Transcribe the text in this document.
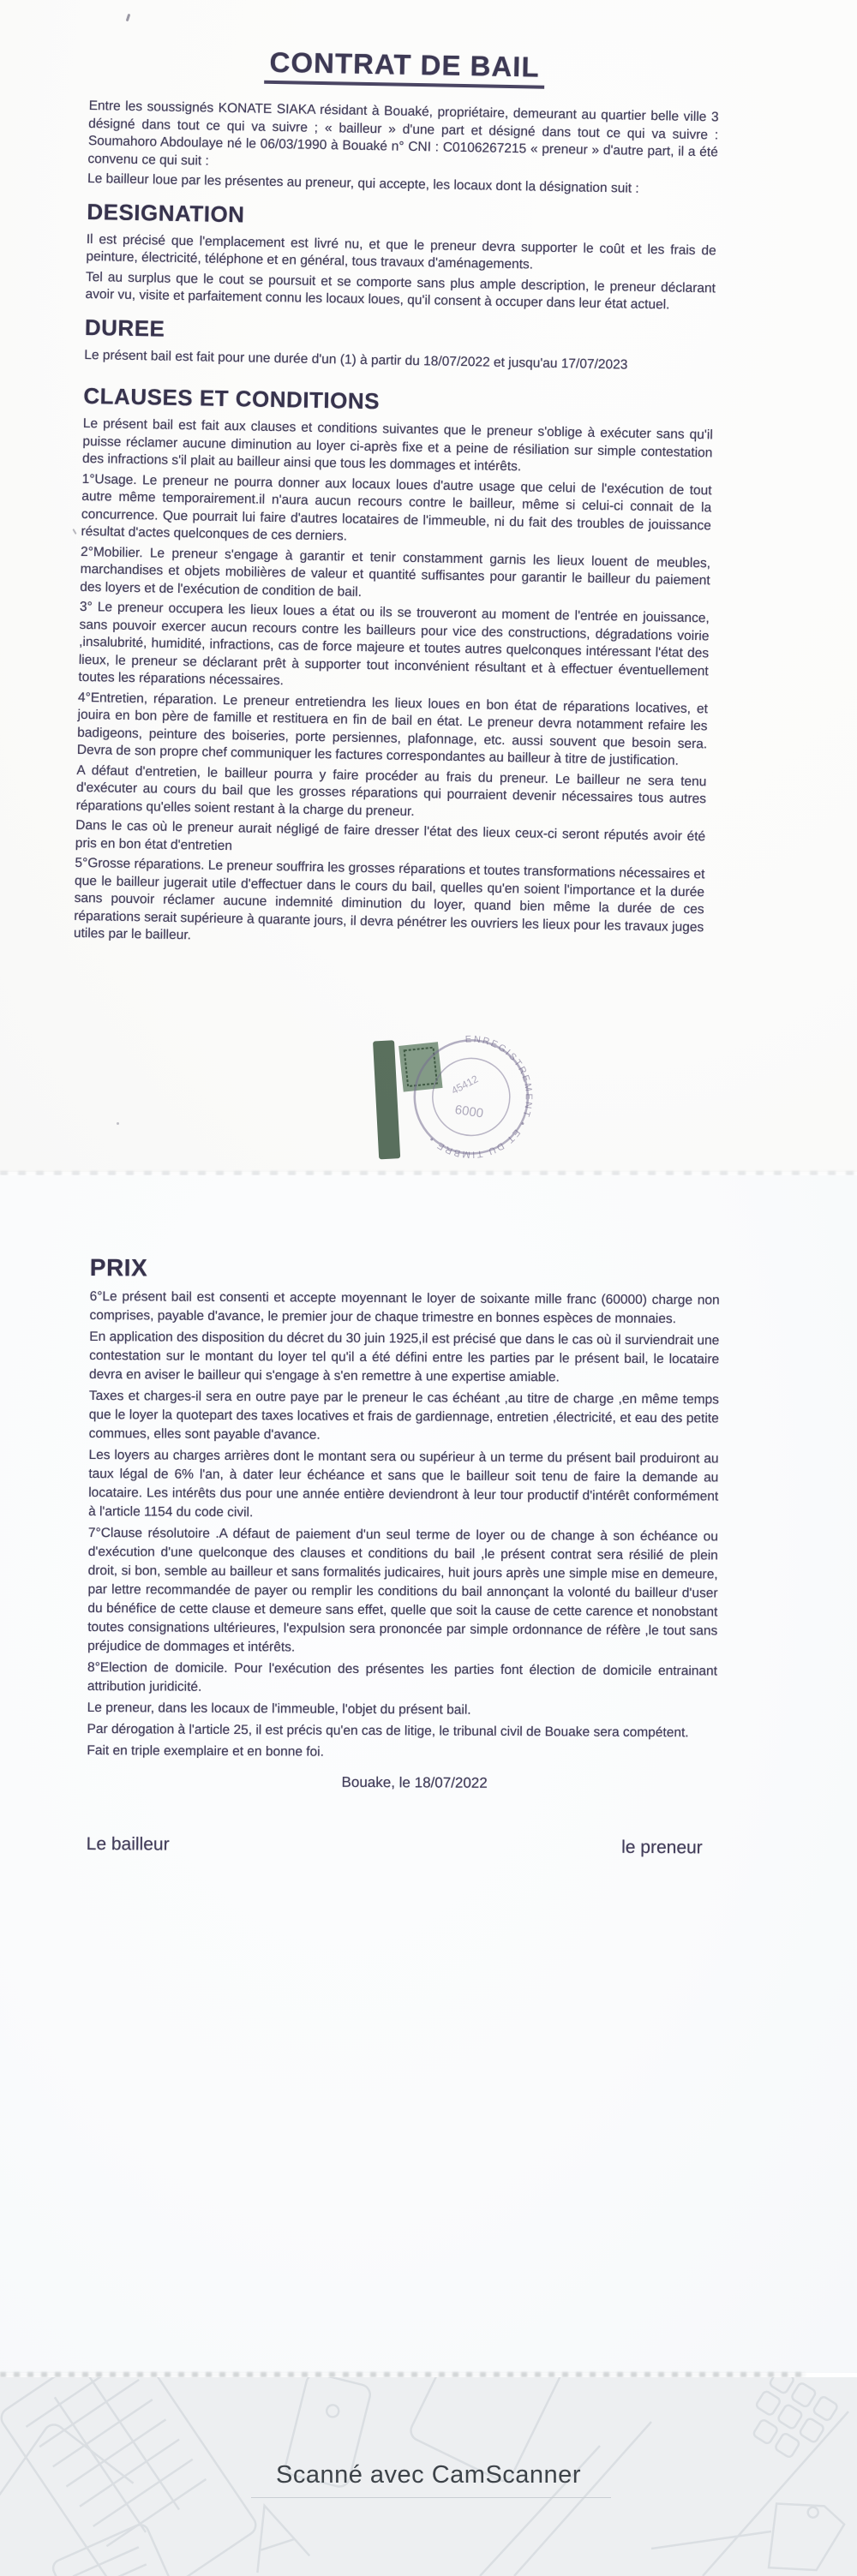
CONTRAT DE BAIL

Entre les soussignés KONATE SIAKA résidant à Bouaké, propriétaire, demeurant au quartier belle ville 3 désigné dans tout ce qui va suivre ; « bailleur » d'une part et désigné dans tout ce qui va suivre : Soumahoro Abdoulaye né le 06/03/1990 à Bouaké n° CNI : C0106267215 « preneur » d'autre part, il a été convenu ce qui suit :

Le bailleur loue par les présentes au preneur, qui accepte, les locaux dont la désignation suit :

DESIGNATION

Il est précisé que l'emplacement est livré nu, et que le preneur devra supporter le coût et les frais de peinture, électricité, téléphone et en général, tous travaux d'aménagements.

Tel au surplus que le cout se poursuit et se comporte sans plus ample description, le preneur déclarant avoir vu, visite et parfaitement connu les locaux loues, qu'il consent à occuper dans leur état actuel.

DUREE

Le présent bail est fait pour une durée d'un (1) à partir du 18/07/2022 et jusqu'au 17/07/2023

CLAUSES ET CONDITIONS

Le présent bail est fait aux clauses et conditions suivantes que le preneur s'oblige à exécuter sans qu'il puisse réclamer aucune diminution au loyer ci-après fixe et a peine de résiliation sur simple contestation des infractions s'il plait au bailleur ainsi que tous les dommages et intérêts.

1°Usage. Le preneur ne pourra donner aux locaux loues d'autre usage que celui de l'exécution de tout autre même temporairement.il n'aura aucun recours contre le bailleur, même si celui-ci connait de la concurrence. Que pourrait lui faire d'autres locataires de l'immeuble, ni du fait des troubles de jouissance résultat d'actes quelconques de ces derniers.

2°Mobilier. Le preneur s'engage à garantir et tenir constamment garnis les lieux louent de meubles, marchandises et objets mobilières de valeur et quantité suffisantes pour garantir le bailleur du paiement des loyers et de l'exécution de condition de bail.

3° Le preneur occupera les lieux loues a état ou ils se trouveront au moment de l'entrée en jouissance, sans pouvoir exercer aucun recours contre les bailleurs pour vice des constructions, dégradations voirie ,insalubrité, humidité, infractions, cas de force majeure et toutes autres quelconques intéressant l'état des lieux, le preneur se déclarant prêt à supporter tout inconvénient résultant et à effectuer éventuellement toutes les réparations nécessaires.

4°Entretien, réparation. Le preneur entretiendra les lieux loues en bon état de réparations locatives, et jouira en bon père de famille et restituera en fin de bail en état. Le preneur devra notamment refaire les badigeons, peinture des boiseries, porte persiennes, plafonnage, etc. aussi souvent que besoin sera. Devra de son propre chef communiquer les factures correspondantes au bailleur à titre de justification.

A défaut d'entretien, le bailleur pourra y faire procéder au frais du preneur. Le bailleur ne sera tenu d'exécuter au cours du bail que les grosses réparations qui pourraient devenir nécessaires tous autres réparations qu'elles soient restant à la charge du preneur.

Dans le cas où le preneur aurait négligé de faire dresser l'état des lieux ceux-ci seront réputés avoir été pris en bon état d'entretien

5°Grosse réparations. Le preneur souffrira les grosses réparations et toutes transformations nécessaires et que le bailleur jugerait utile d'effectuer dans le cours du bail, quelles qu'en soient l'importance et la durée sans pouvoir réclamer aucune indemnité diminution du loyer, quand bien même la durée de ces réparations serait supérieure à quarante jours, il devra pénétrer les ouvriers les lieux pour les travaux juges utiles par le bailleur.

ENREGISTREMENT • ET DU TIMBRE •
45412
6000
PRIX

6°Le présent bail est consenti et accepte moyennant le loyer de soixante mille franc (60000) charge non comprises, payable d'avance, le premier jour de chaque trimestre en bonnes espèces de monnaies.

En application des disposition du décret du 30 juin 1925,il est précisé que dans le cas où il surviendrait une contestation sur le montant du loyer tel qu'il a été défini entre les parties par le présent bail, le locataire devra en aviser le bailleur qui s'engage à s'en remettre à une expertise amiable.

Taxes et charges-il sera en outre paye par le preneur le cas échéant ,au titre de charge ,en même temps que le loyer la quotepart des taxes locatives et frais de gardiennage, entretien ,électricité, et eau des petite commues, elles sont payable d'avance.

Les loyers au charges arrières dont le montant sera ou supérieur à un terme du présent bail produiront au taux légal de 6% l'an, à dater leur échéance et sans que le bailleur soit tenu de faire la demande au locataire. Les intérêts dus pour une année entière deviendront à leur tour productif d'intérêt conformément à l'article 1154 du code civil.

7°Clause résolutoire .A défaut de paiement d'un seul terme de loyer ou de change à son échéance ou d'exécution d'une quelconque des clauses et conditions du bail ,le présent contrat sera résilié de plein droit, si bon, semble au bailleur et sans formalités judicaires, huit jours après une simple mise en demeure, par lettre recommandée de payer ou remplir les conditions du bail annonçant la volonté du bailleur d'user du bénéfice de cette clause et demeure sans effet, quelle que soit la cause de cette carence et nonobstant toutes consignations ultérieures, l'expulsion sera prononcée par simple ordonnance de réfère ,le tout sans préjudice de dommages et intérêts.

8°Election de domicile. Pour l'exécution des présentes les parties font élection de domicile entrainant attribution juridicité.

Le preneur, dans les locaux de l'immeuble, l'objet du présent bail.

Par dérogation à l'article 25, il est précis qu'en cas de litige, le tribunal civil de Bouake sera compétent.

Fait en triple exemplaire et en bonne foi.

Bouake, le 18/07/2022

Le bailleur	le preneur
Scanné avec CamScanner
